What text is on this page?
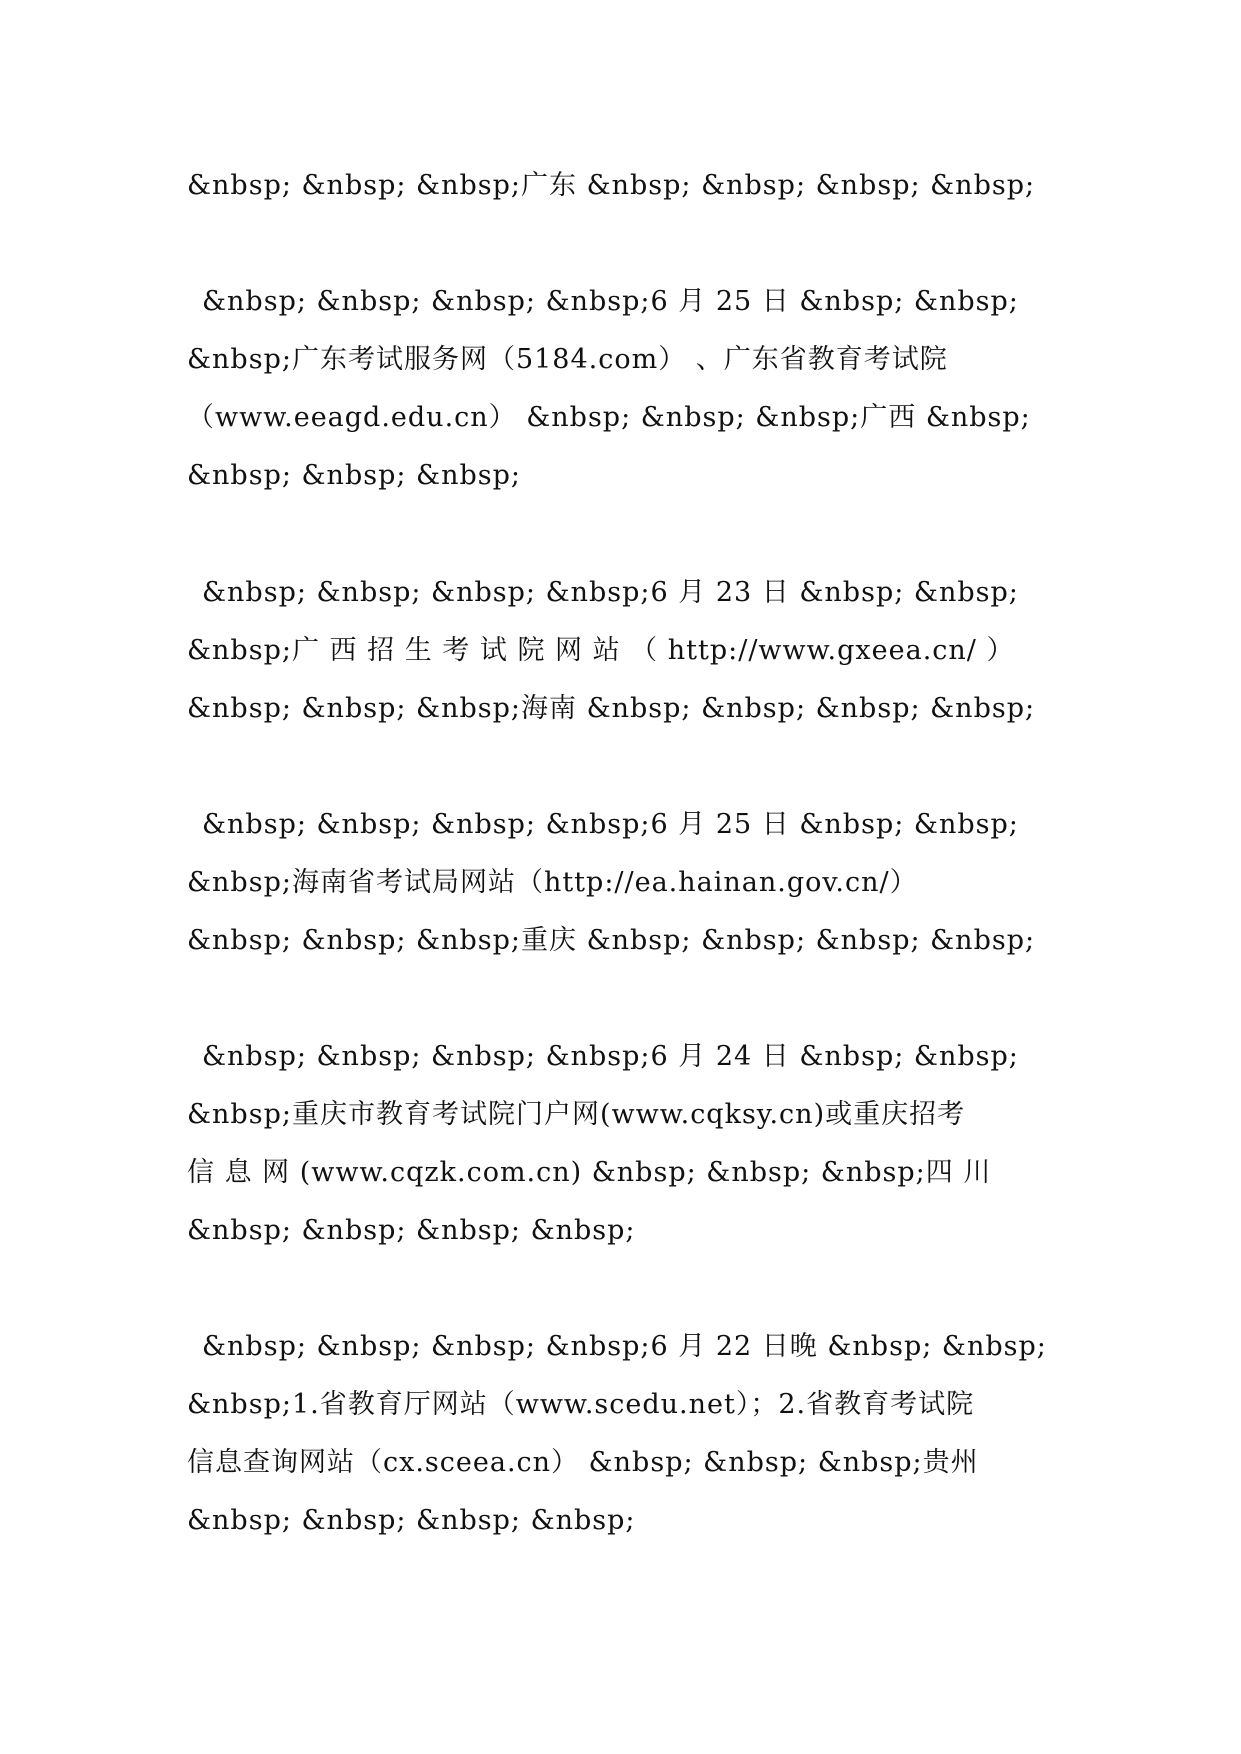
&nbsp; &nbsp; &nbsp;广东 &nbsp; &nbsp; &nbsp; &nbsp;
&nbsp; &nbsp; &nbsp; &nbsp;6 月 25 日 &nbsp; &nbsp;
&nbsp;广东考试服务网（5184.com） 、广东省教育考试院
（www.eeagd.edu.cn） &nbsp; &nbsp; &nbsp;广西 &nbsp;
&nbsp; &nbsp; &nbsp;
&nbsp; &nbsp; &nbsp; &nbsp;6 月 23 日 &nbsp; &nbsp;
&nbsp;广 西 招 生 考 试 院 网 站 （ http://www.gxeea.cn/ ）
&nbsp; &nbsp; &nbsp;海南 &nbsp; &nbsp; &nbsp; &nbsp;
&nbsp; &nbsp; &nbsp; &nbsp;6 月 25 日 &nbsp; &nbsp;
&nbsp;海南省考试局网站（http://ea.hainan.gov.cn/）
&nbsp; &nbsp; &nbsp;重庆 &nbsp; &nbsp; &nbsp; &nbsp;
&nbsp; &nbsp; &nbsp; &nbsp;6 月 24 日 &nbsp; &nbsp;
&nbsp;重庆市教育考试院门户网(www.cqksy.cn)或重庆招考
信 息 网 (www.cqzk.com.cn) &nbsp; &nbsp; &nbsp;四 川
&nbsp; &nbsp; &nbsp; &nbsp;
&nbsp; &nbsp; &nbsp; &nbsp;6 月 22 日晚 &nbsp; &nbsp;
&nbsp;1.省教育厅网站（www.scedu.net）；2.省教育考试院
信息查询网站（cx.sceea.cn） &nbsp; &nbsp; &nbsp;贵州
&nbsp; &nbsp; &nbsp; &nbsp;
